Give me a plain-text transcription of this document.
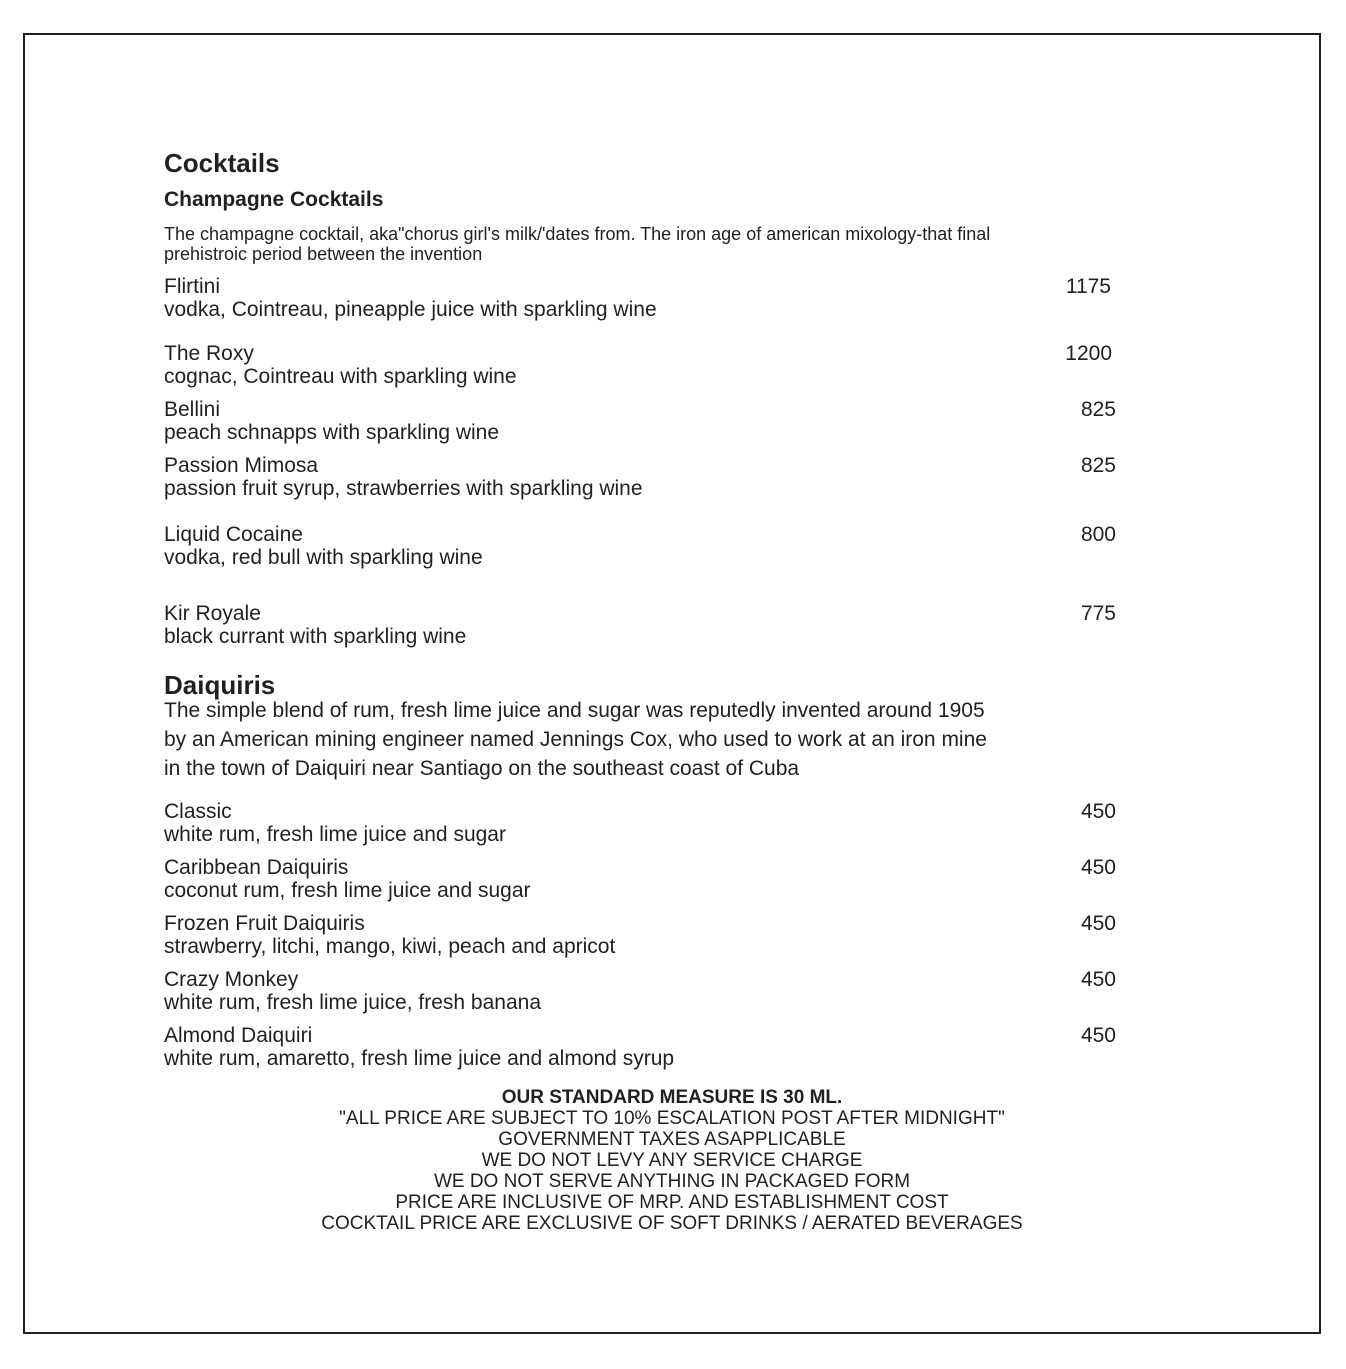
Cocktails
Champagne Cocktails
The champagne cocktail, aka"chorus girl's milk/'dates from. The iron age of american mixology-that final
prehistroic period between the invention
Flirtini	1175
vodka, Cointreau, pineapple juice with sparkling wine
The Roxy	1200
cognac, Cointreau with sparkling wine
Bellini	825
peach schnapps with sparkling wine
Passion Mimosa	825
passion fruit syrup, strawberries with sparkling wine
Liquid Cocaine	800
vodka, red bull with sparkling wine
Kir Royale	775
black currant with sparkling wine
Daiquiris
The simple blend of rum, fresh lime juice and sugar was reputedly invented around 1905
by an American mining engineer named Jennings Cox, who used to work at an iron mine
in the town of Daiquiri near Santiago on the southeast coast of Cuba
Classic	450
white rum, fresh lime juice and sugar
Caribbean Daiquiris	450
coconut rum, fresh lime juice and sugar
Frozen Fruit Daiquiris	450
strawberry, litchi, mango, kiwi, peach and apricot
Crazy Monkey	450
white rum, fresh lime juice, fresh banana
Almond Daiquiri	450
white rum, amaretto, fresh lime juice and almond syrup
OUR STANDARD MEASURE IS 30 ML.
"ALL PRICE ARE SUBJECT TO 10% ESCALATION POST AFTER MIDNIGHT"
GOVERNMENT TAXES ASAPPLICABLE
WE DO NOT LEVY ANY SERVICE CHARGE
WE DO NOT SERVE ANYTHING IN PACKAGED FORM
PRICE ARE INCLUSIVE OF MRP. AND ESTABLISHMENT COST
COCKTAIL PRICE ARE EXCLUSIVE OF SOFT DRINKS / AERATED BEVERAGES
